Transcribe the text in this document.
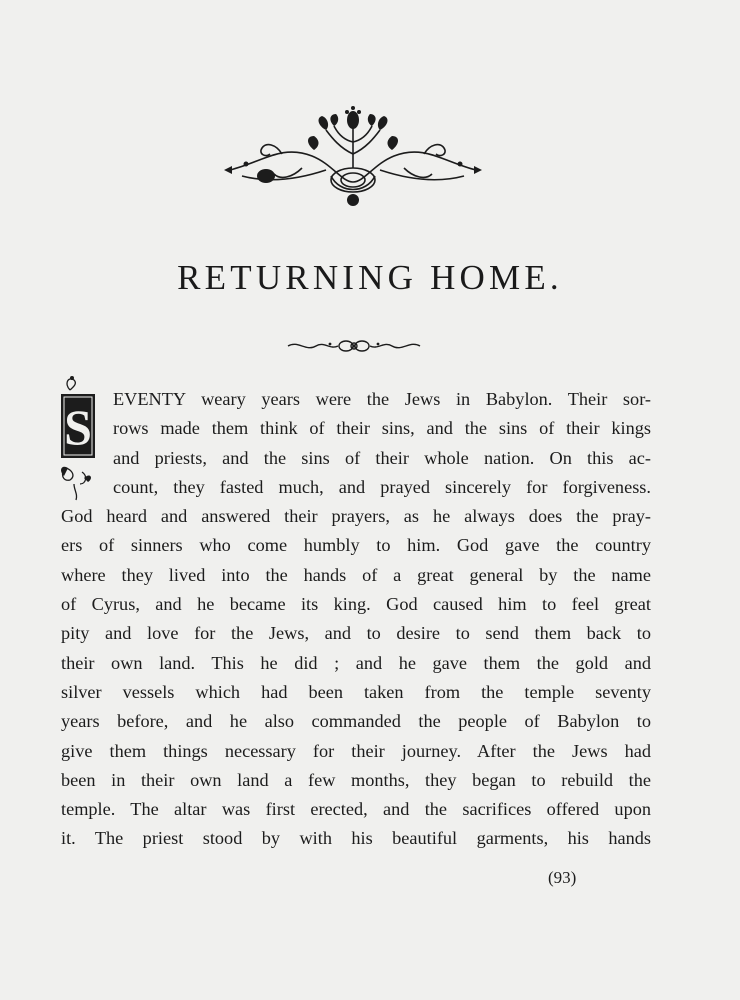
RETURNING HOME.
S EVENTY weary years were the Jews in Babylon. Their sor-
rows made them think of their sins, and the sins of their kings
and priests, and the sins of their whole nation. On this ac-
count, they fasted much, and prayed sincerely for forgiveness.
God heard and answered their prayers, as he always does the pray-
ers of sinners who come humbly to him. God gave the country
where they lived into the hands of a great general by the name
of Cyrus, and he became its king. God caused him to feel great
pity and love for the Jews, and to desire to send them back to
their own land. This he did ; and he gave them the gold and
silver vessels which had been taken from the temple seventy
years before, and he also commanded the people of Babylon to
give them things necessary for their journey. After the Jews had
been in their own land a few months, they began to rebuild the
temple. The altar was first erected, and the sacrifices offered upon
it. The priest stood by with his beautiful garments, his hands
(93)
